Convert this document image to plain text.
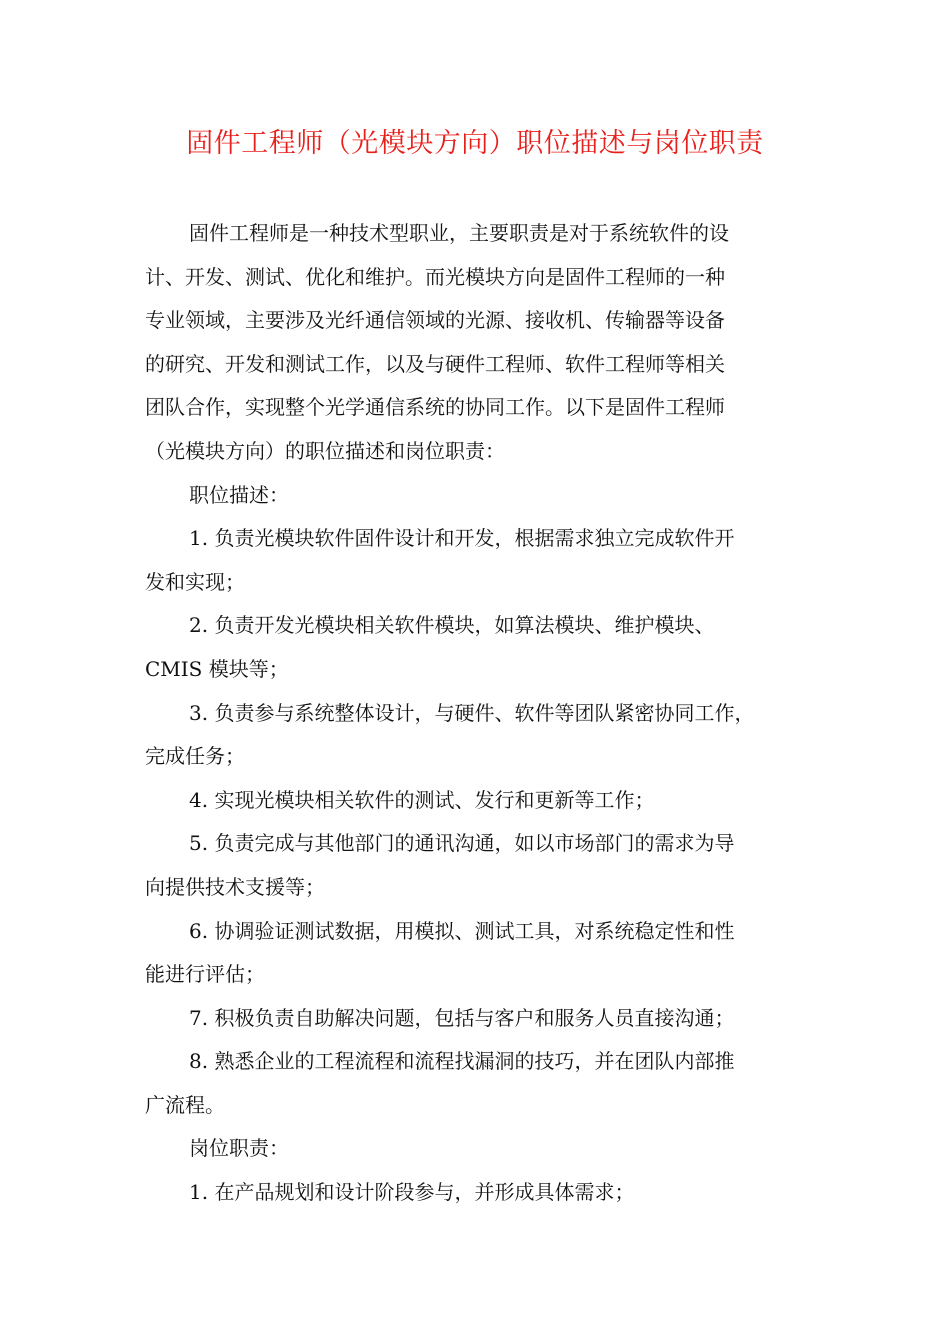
固件工程师（光模块方向）职位描述与岗位职责
固件工程师是一种技术型职业，主要职责是对于系统软件的设
计、开发、测试、优化和维护。而光模块方向是固件工程师的一种
专业领域，主要涉及光纤通信领域的光源、接收机、传输器等设备
的研究、开发和测试工作，以及与硬件工程师、软件工程师等相关
团队合作，实现整个光学通信系统的协同工作。以下是固件工程师
（光模块方向）的职位描述和岗位职责：
职位描述：
1. 负责光模块软件固件设计和开发，根据需求独立完成软件开
发和实现；
2. 负责开发光模块相关软件模块，如算法模块、维护模块、
CMIS 模块等；
3. 负责参与系统整体设计，与硬件、软件等团队紧密协同工作，
完成任务；
4. 实现光模块相关软件的测试、发行和更新等工作；
5. 负责完成与其他部门的通讯沟通，如以市场部门的需求为导
向提供技术支援等；
6. 协调验证测试数据，用模拟、测试工具，对系统稳定性和性
能进行评估；
7. 积极负责自助解决问题，包括与客户和服务人员直接沟通；
8. 熟悉企业的工程流程和流程找漏洞的技巧，并在团队内部推
广流程。
岗位职责：
1. 在产品规划和设计阶段参与，并形成具体需求；
